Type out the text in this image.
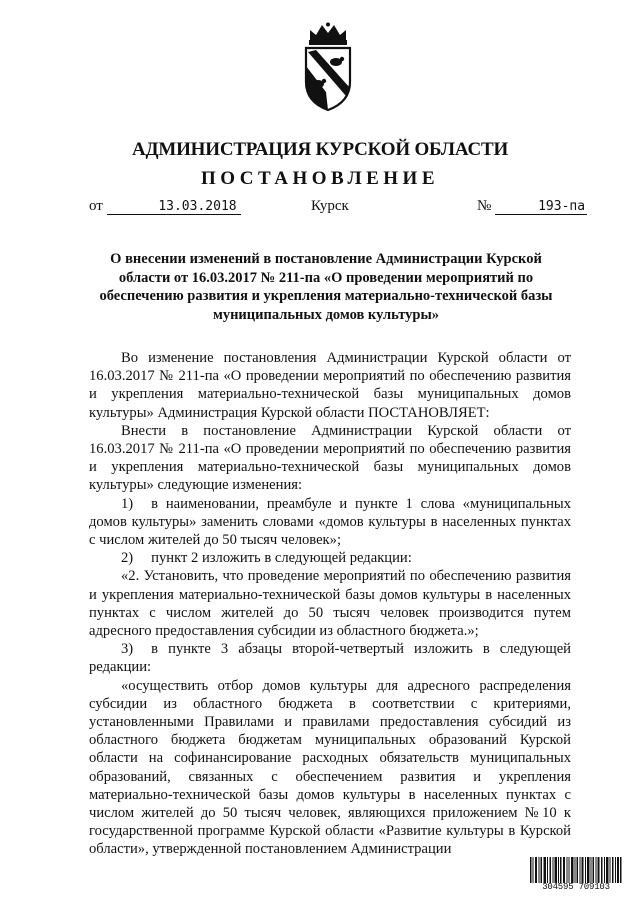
АДМИНИСТРАЦИЯ КУРСКОЙ ОБЛАСТИ
ПОСТАНОВЛЕНИЕ
от	13.03.2018	Курск	№	193-па
О внесении изменений в постановление Администрации Курской области от 16.03.2017 № 211-па «О проведении мероприятий по обеспечению развития и укрепления материально-технической базы муниципальных домов культуры»

Во изменение постановления Администрации Курской области от 16.03.2017 № 211-па «О проведении мероприятий по обеспечению развития и укрепления материально-технической базы муниципальных домов культуры» Администрация Курской области ПОСТАНОВЛЯЕТ:

Внести в постановление Администрации Курской области от 16.03.2017 № 211-па «О проведении мероприятий по обеспечению развития и укрепления материально-технической базы муниципальных домов культуры» следующие изменения:

1) в наименовании, преамбуле и пункте 1 слова «муниципальных домов культуры» заменить словами «домов культуры в населенных пунктах с числом жителей до 50 тысяч человек»;

2) пункт 2 изложить в следующей редакции:

«2. Установить, что проведение мероприятий по обеспечению развития и укрепления материально-технической базы домов культуры в населенных пунктах с числом жителей до 50 тысяч человек производится путем адресного предоставления субсидии из областного бюджета.»;

3) в пункте 3 абзацы второй-четвертый изложить в следующей редакции:

«осуществить отбор домов культуры для адресного распределения субсидии из областного бюджета в соответствии с критериями, установленными Правилами и правилами предоставления субсидий из областного бюджета бюджетам муниципальных образований Курской области на софинансирование расходных обязательств муниципальных образований, связанных с обеспечением развития и укрепления материально-технической базы домов культуры в населенных пунктах с числом жителей до 50 тысяч человек, являющихся приложением №10 к государственной программе Курской области «Развитие культуры в Курской области», утвержденной постановлением Администрации

304595 709103
